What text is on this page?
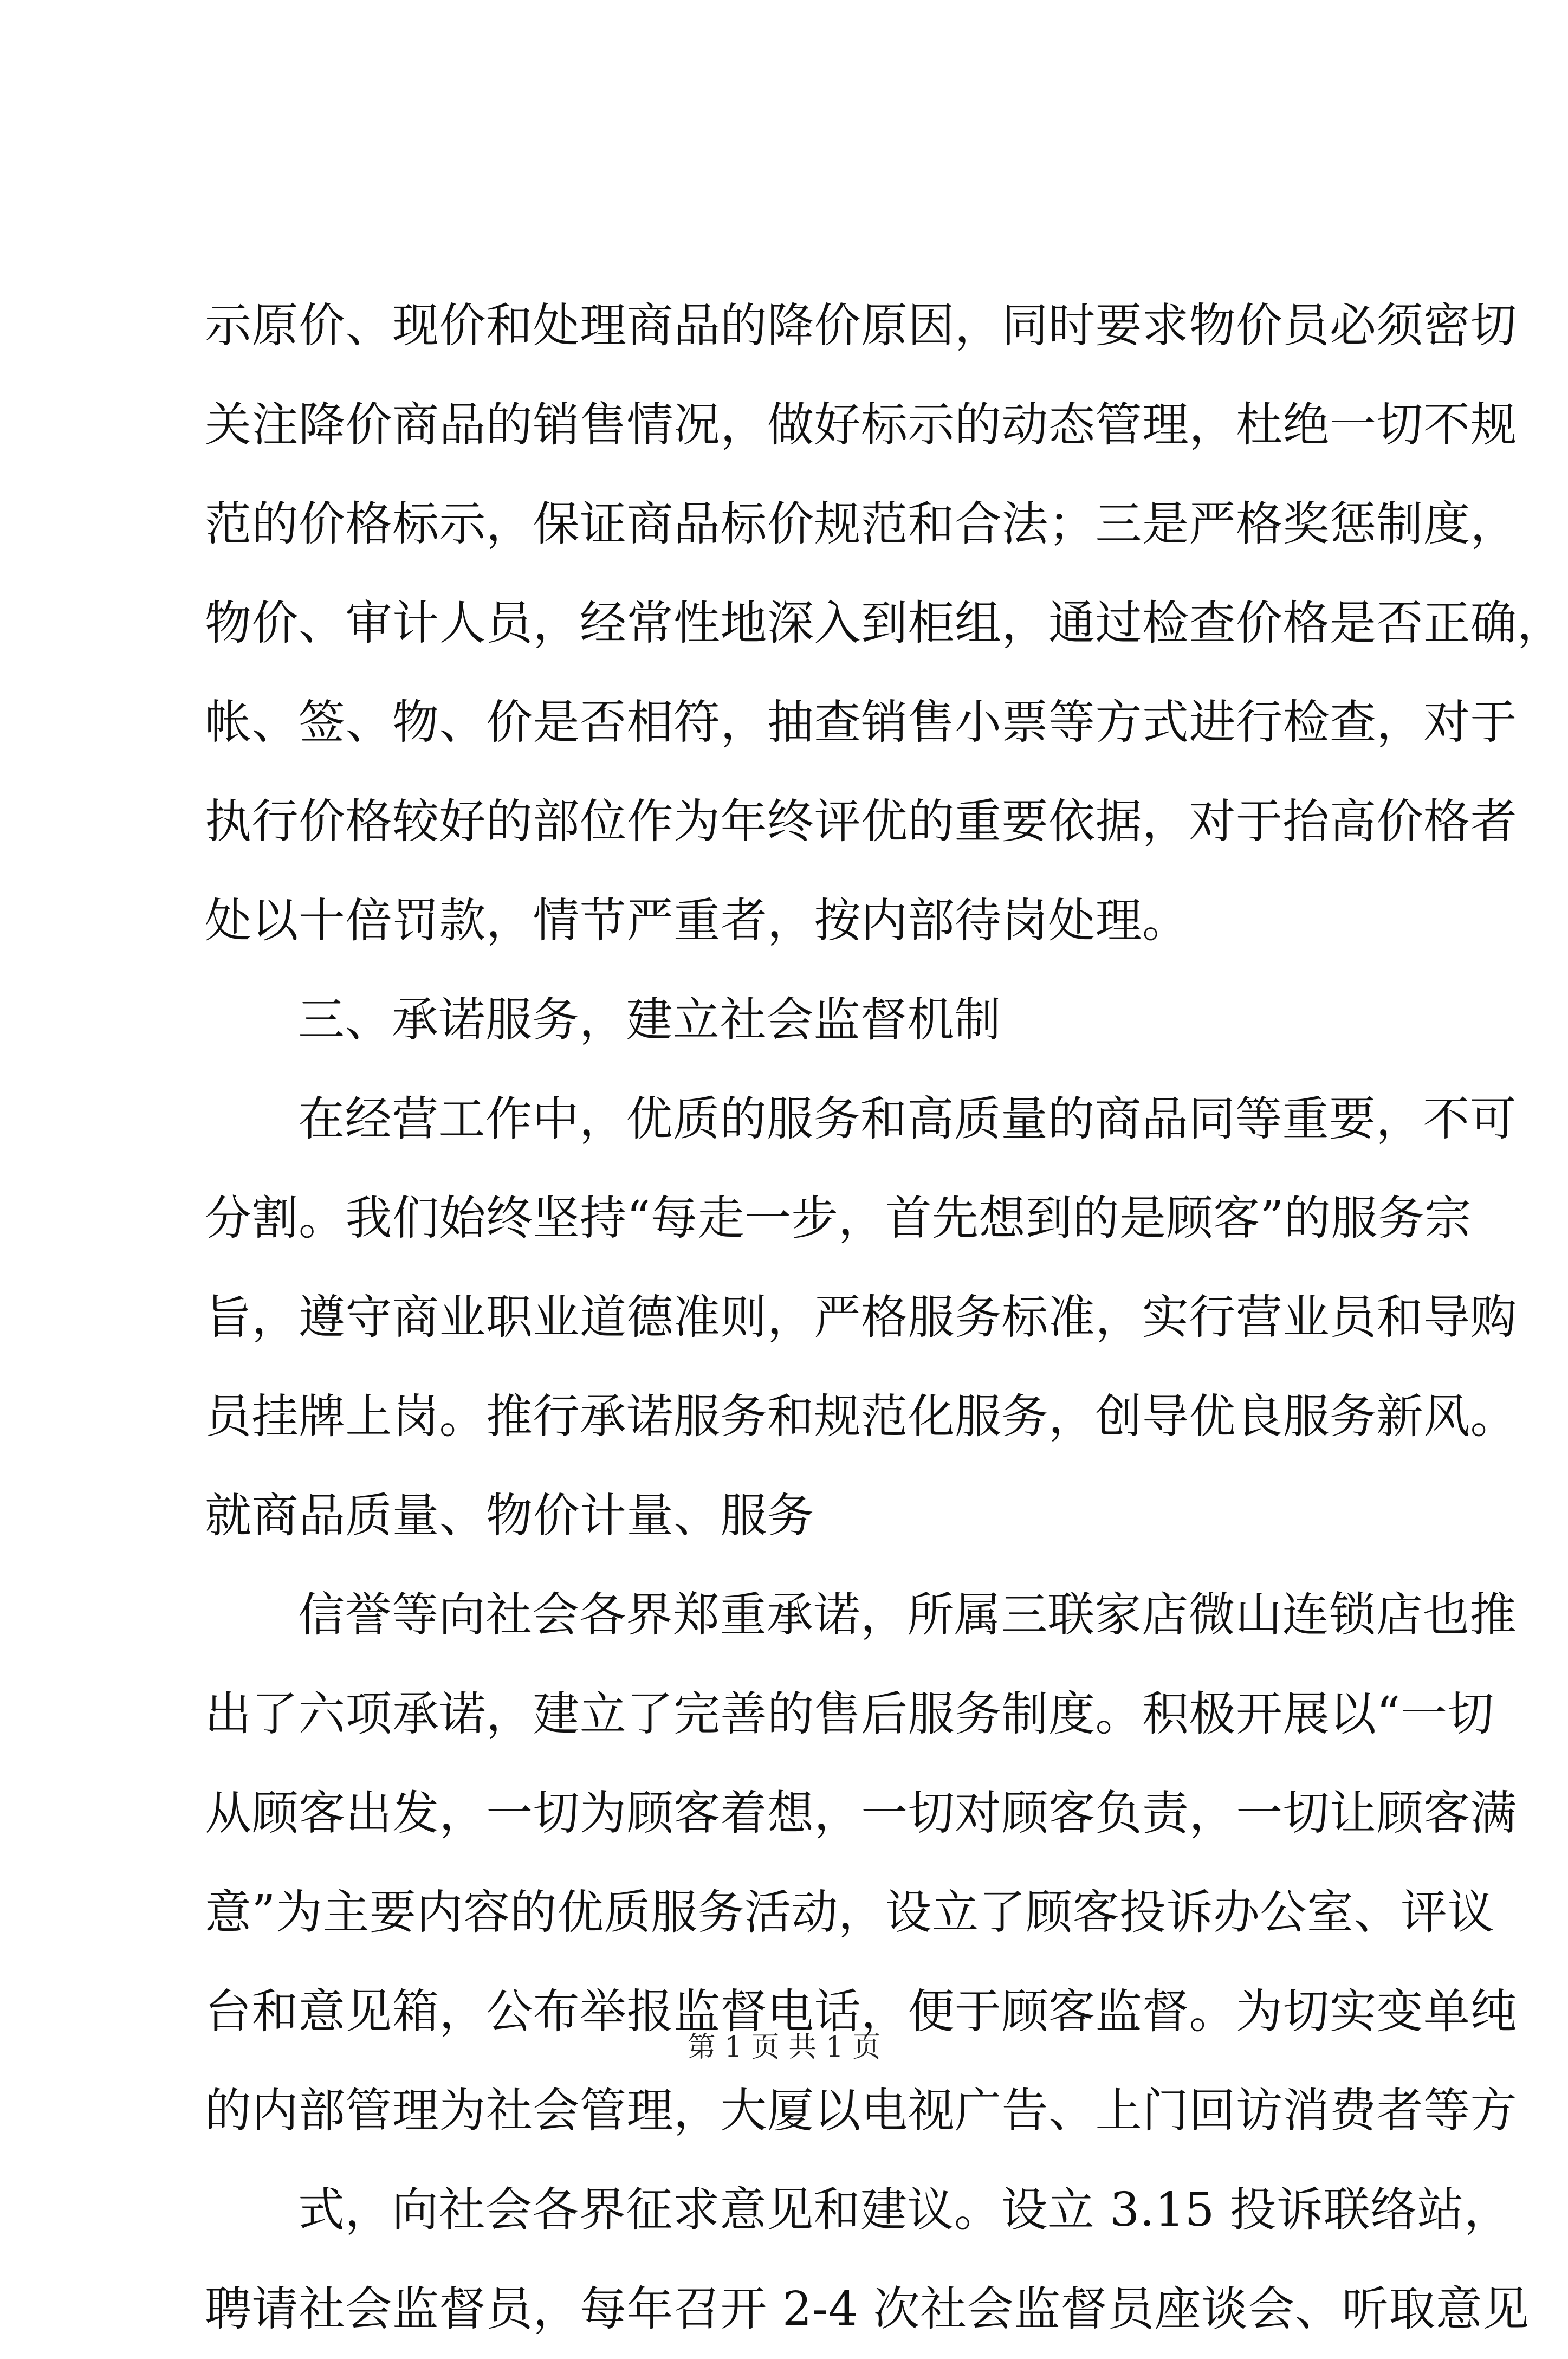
示原价、现价和处理商品的降价原因，同时要求物价员必须密切
关注降价商品的销售情况，做好标示的动态管理，杜绝一切不规
范的价格标示，保证商品标价规范和合法；三是严格奖惩制度，
物价、审计人员，经常性地深入到柜组，通过检查价格是否正确，
帐、签、物、价是否相符，抽查销售小票等方式进行检查，对于
执行价格较好的部位作为年终评优的重要依据，对于抬高价格者
处以十倍罚款，情节严重者，按内部待岗处理。
三、承诺服务，建立社会监督机制
在经营工作中，优质的服务和高质量的商品同等重要，不可
分割。我们始终坚持“每走一步，首先想到的是顾客”的服务宗
旨，遵守商业职业道德准则，严格服务标准，实行营业员和导购
员挂牌上岗。推行承诺服务和规范化服务，创导优良服务新风。
就商品质量、物价计量、服务
信誉等向社会各界郑重承诺，所属三联家店微山连锁店也推
出了六项承诺，建立了完善的售后服务制度。积极开展以“一切
从顾客出发，一切为顾客着想，一切对顾客负责，一切让顾客满
意”为主要内容的优质服务活动，设立了顾客投诉办公室、评议
台和意见箱，公布举报监督电话，便于顾客监督。为切实变单纯
的内部管理为社会管理，大厦以电视广告、上门回访消费者等方
式，向社会各界征求意见和建议。设立 3.15 投诉联络站，
聘请社会监督员，每年召开 2-4 次社会监督员座谈会、听取意见
第 1 页 共 1 页
